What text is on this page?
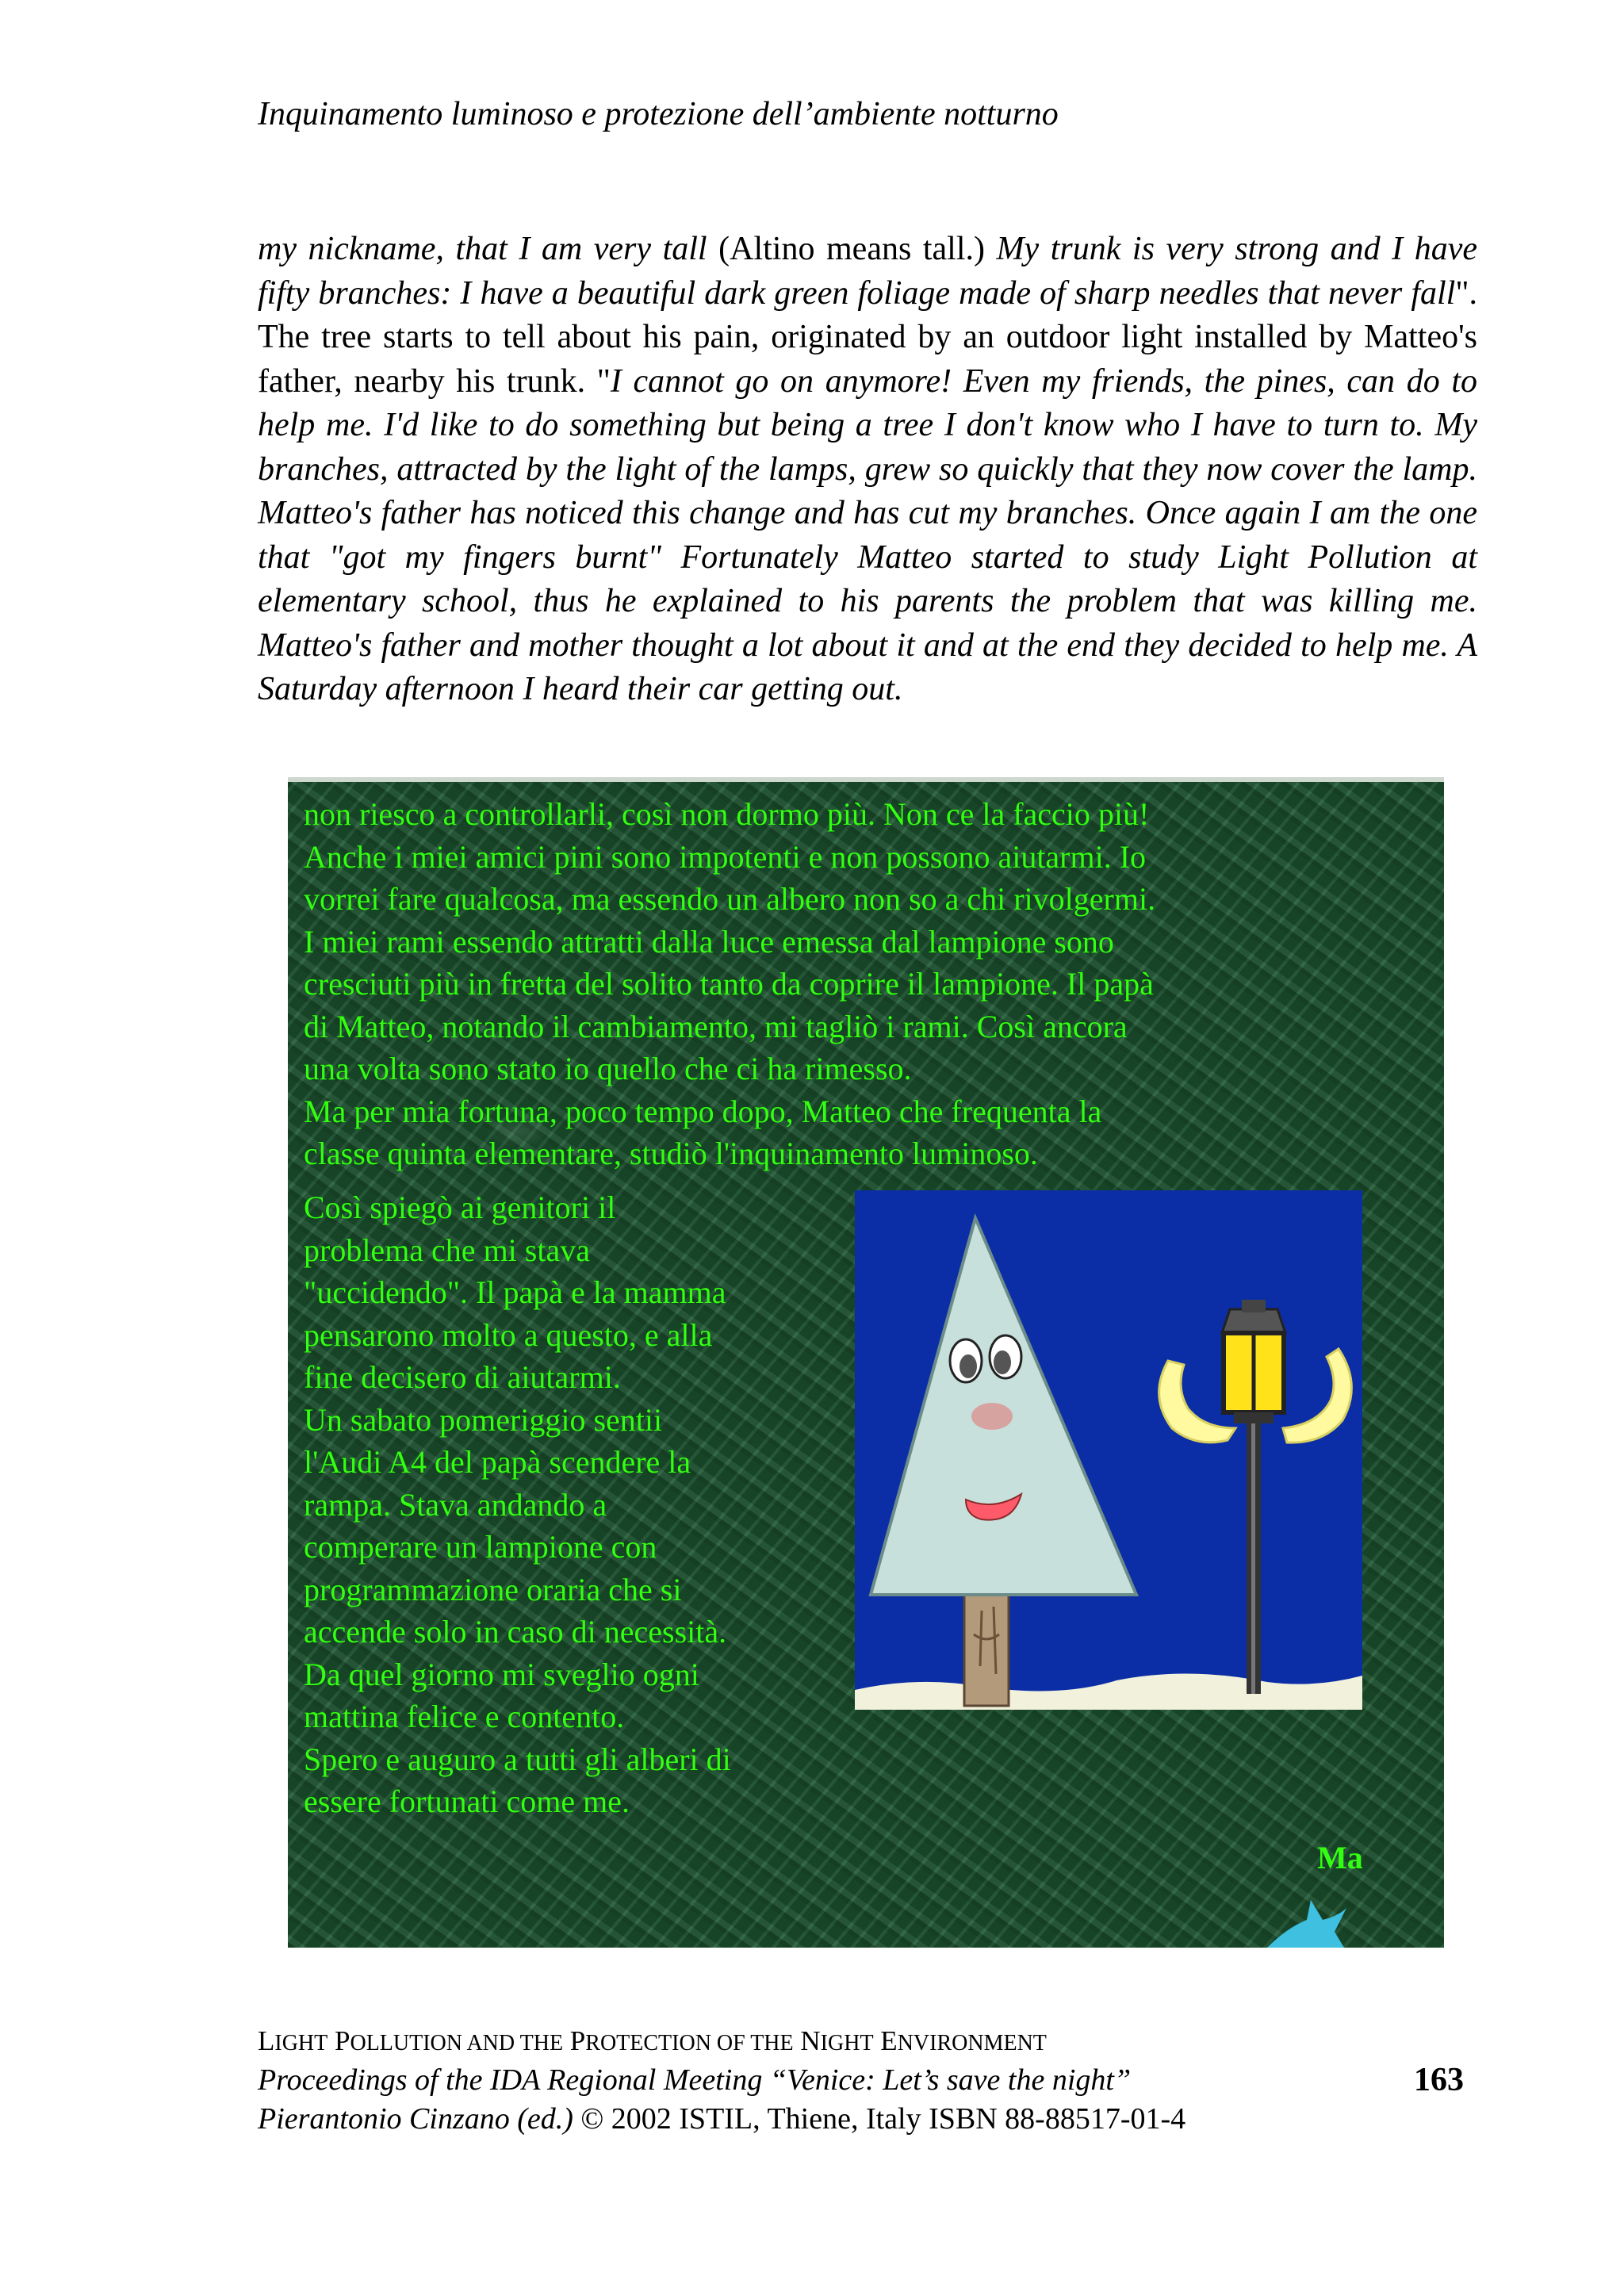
Inquinamento luminoso e protezione dell’ambiente notturno

my nickname, that I am very tall (Altino means tall.) My trunk is very strong and I have fifty branches: I have a beautiful dark green foliage made of sharp needles that never fall". The tree starts to tell about his pain, originated by an outdoor light installed by Matteo's father, nearby his trunk. "I cannot go on anymore! Even my friends, the pines, can do to help me. I'd like to do something but being a tree I don't know who I have to turn to. My branches, attracted by the light of the lamps, grew so quickly that they now cover the lamp. Matteo's father has noticed this change and has cut my branches. Once again I am the one that "got my fingers burnt" Fortunately Matteo started to study Light Pollution at elementary school, thus he explained to his parents the problem that was killing me. Matteo's father and mother thought a lot about it and at the end they decided to help me. A Saturday afternoon I heard their car getting out.

non riesco a controllarli, così non dormo più. Non ce la faccio più!

Anche i miei amici pini sono impotenti e non possono aiutarmi. Io

vorrei fare qualcosa, ma essendo un albero non so a chi rivolgermi.

I miei rami essendo attratti dalla luce emessa dal lampione sono

cresciuti più in fretta del solito tanto da coprire il lampione. Il papà

di Matteo, notando il cambiamento, mi tagliò i rami. Così ancora

una volta sono stato io quello che ci ha rimesso.

Ma per mia fortuna, poco tempo dopo, Matteo che frequenta la

classe quinta elementare, studiò l'inquinamento luminoso.

Così spiegò ai genitori il

problema che mi stava

"uccidendo". Il papà e la mamma

pensarono molto a questo, e alla

fine decisero di aiutarmi.

Un sabato pomeriggio sentii

l'Audi A4 del papà scendere la

rampa. Stava andando a

comperare un lampione con

programmazione oraria che si

accende solo in caso di necessità.

Da quel giorno mi sveglio ogni

mattina felice e contento.

Spero e auguro a tutti gli alberi di

essere fortunati come me.

Ma
LIGHT POLLUTION AND THE PROTECTION OF THE NIGHT ENVIRONMENT
Proceedings of the IDA Regional Meeting “Venice: Let’s save the night”
Pierantonio Cinzano (ed.) © 2002 ISTIL, Thiene, Italy ISBN 88-88517-01-4
163
